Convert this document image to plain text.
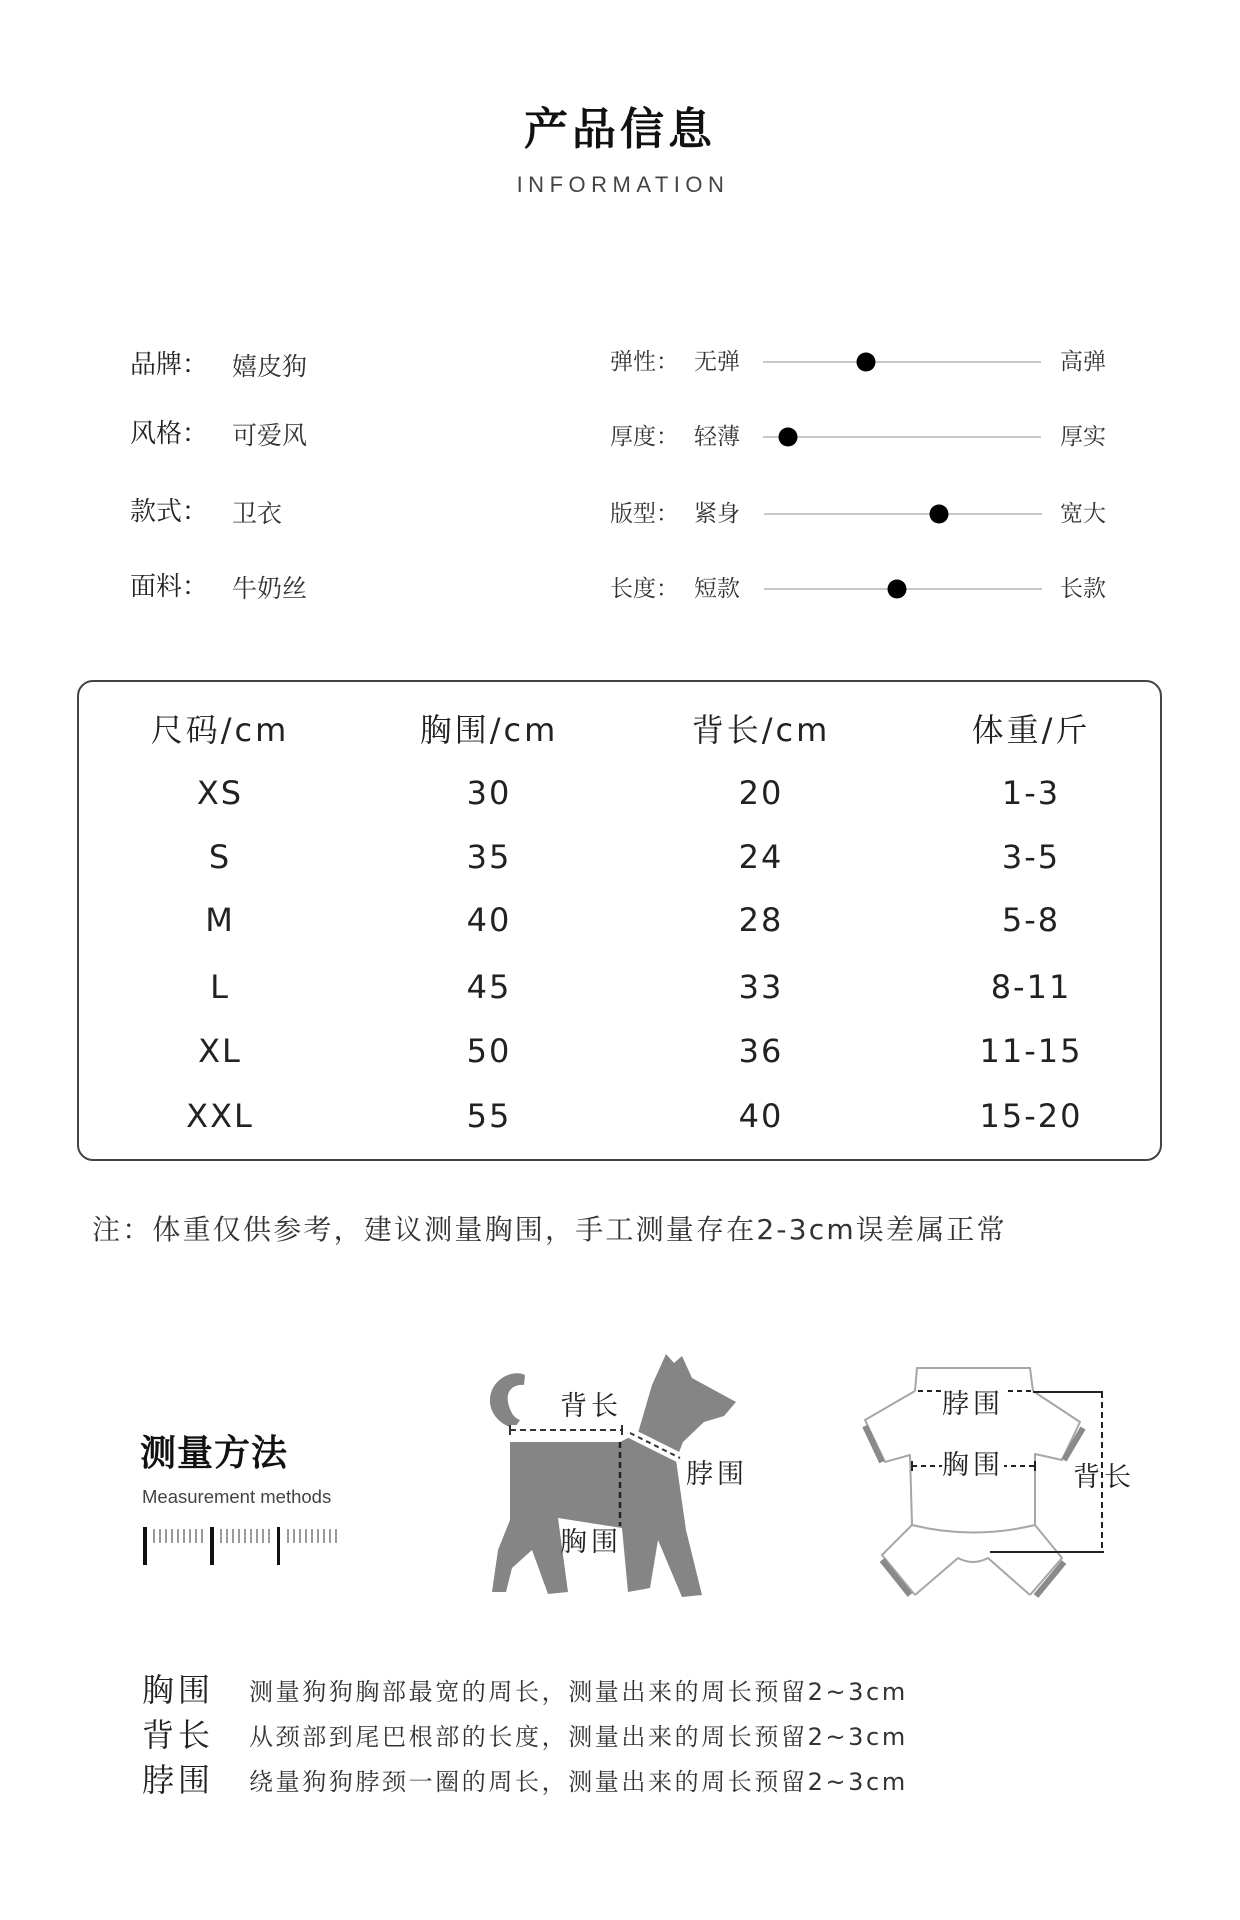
产品信息
INFORMATION
品牌： 嬉皮狗
风格： 可爱风
款式： 卫衣
面料： 牛奶丝
弹性： 无弹	高弹
厚度： 轻薄	厚实
版型： 紧身	宽大
长度： 短款	长款
尺码/cm	胸围/cm	背长/cm	体重/斤
XS	30	20	1-3
S	35	24	3-5
M	40	28	5-8
L	45	33	8-11
XL	50	36	11-15
XXL	55	40	15-20
注：体重仅供参考，建议测量胸围，手工测量存在2-3cm误差属正常
测量方法
Measurement methods
背长
脖围
胸围
脖围
胸围	背长
胸围 测量狗狗胸部最宽的周长，测量出来的周长预留2~3cm
背长 从颈部到尾巴根部的长度，测量出来的周长预留2~3cm
脖围 绕量狗狗脖颈一圈的周长，测量出来的周长预留2~3cm
